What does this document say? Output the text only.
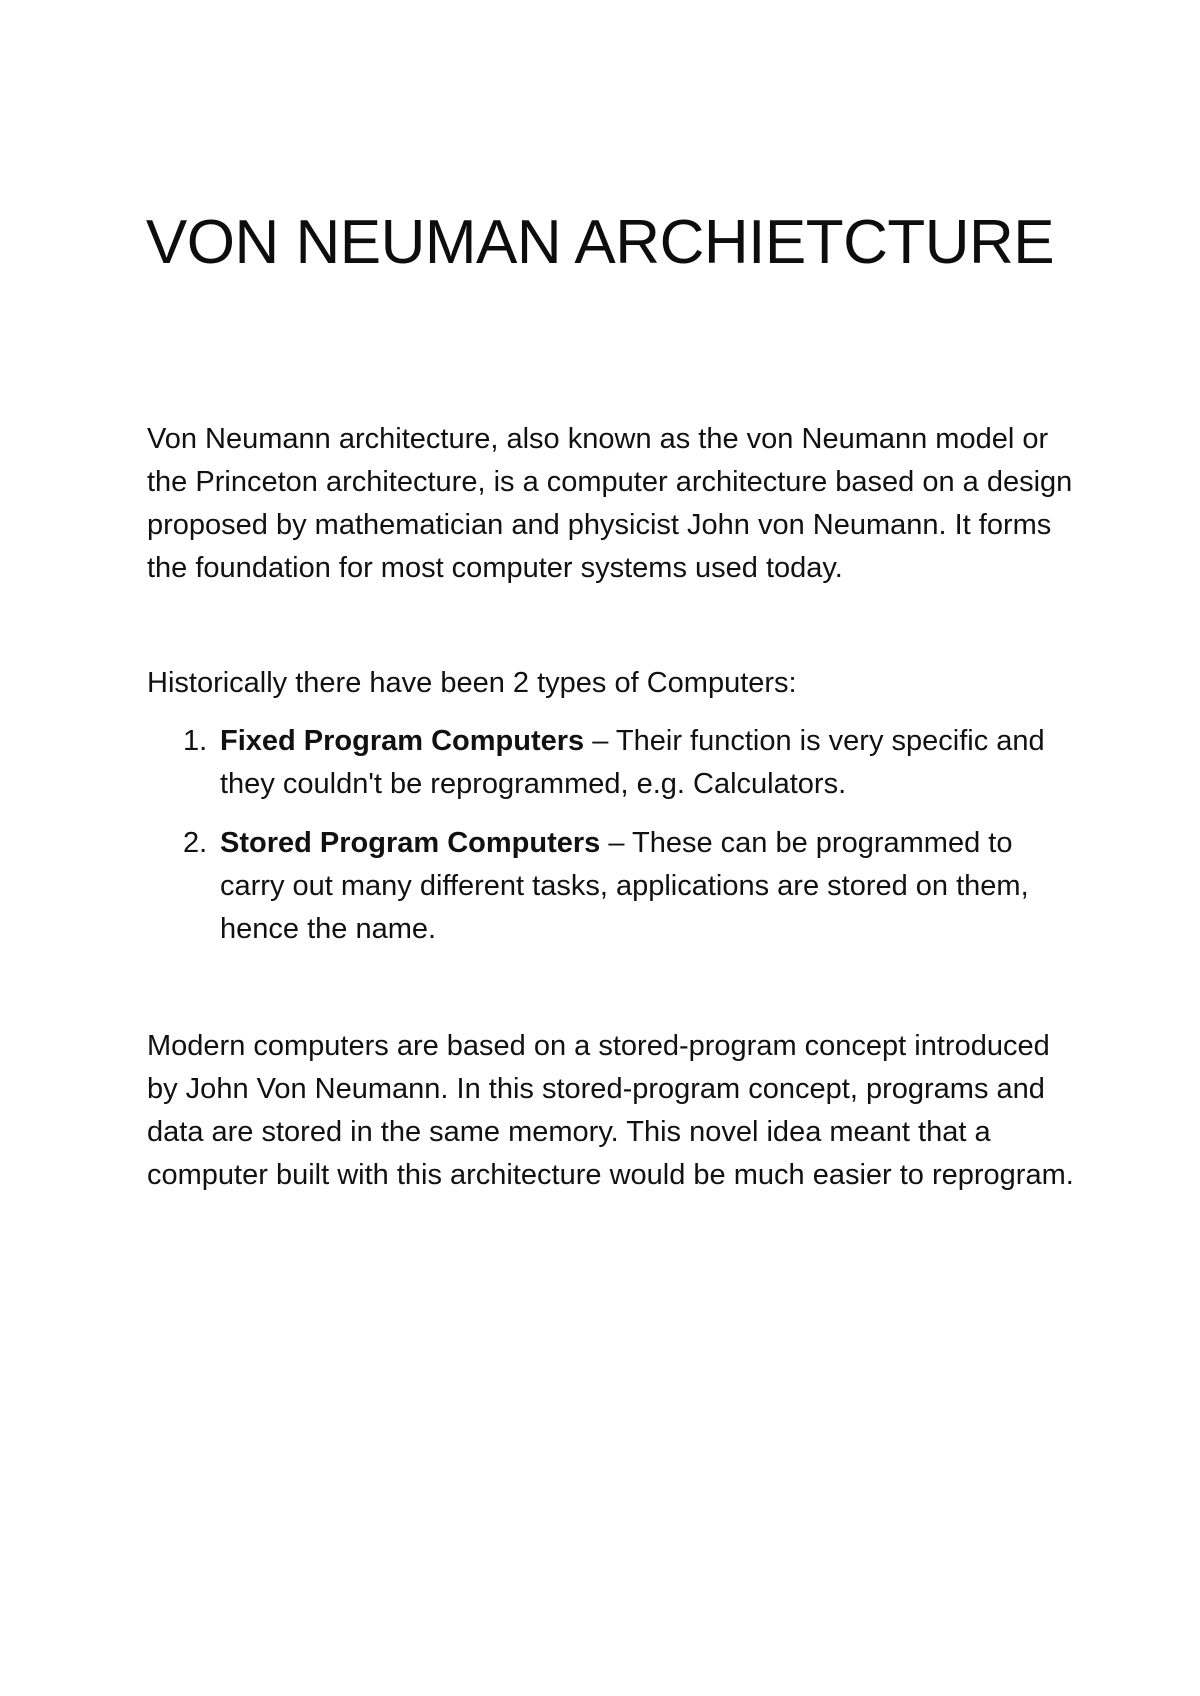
VON NEUMAN ARCHIETCTURE

Von Neumann architecture, also known as the von Neumann model or the Princeton architecture, is a computer architecture based on a design proposed by mathematician and physicist John von Neumann. It forms the foundation for most computer systems used today.

Historically there have been 2 types of Computers:

1. Fixed Program Computers – Their function is very specific and they couldn't be reprogrammed, e.g. Calculators.
2. Stored Program Computers – These can be programmed to carry out many different tasks, applications are stored on them, hence the name.

Modern computers are based on a stored-program concept introduced by John Von Neumann. In this stored-program concept, programs and data are stored in the same memory. This novel idea meant that a computer built with this architecture would be much easier to reprogram.
